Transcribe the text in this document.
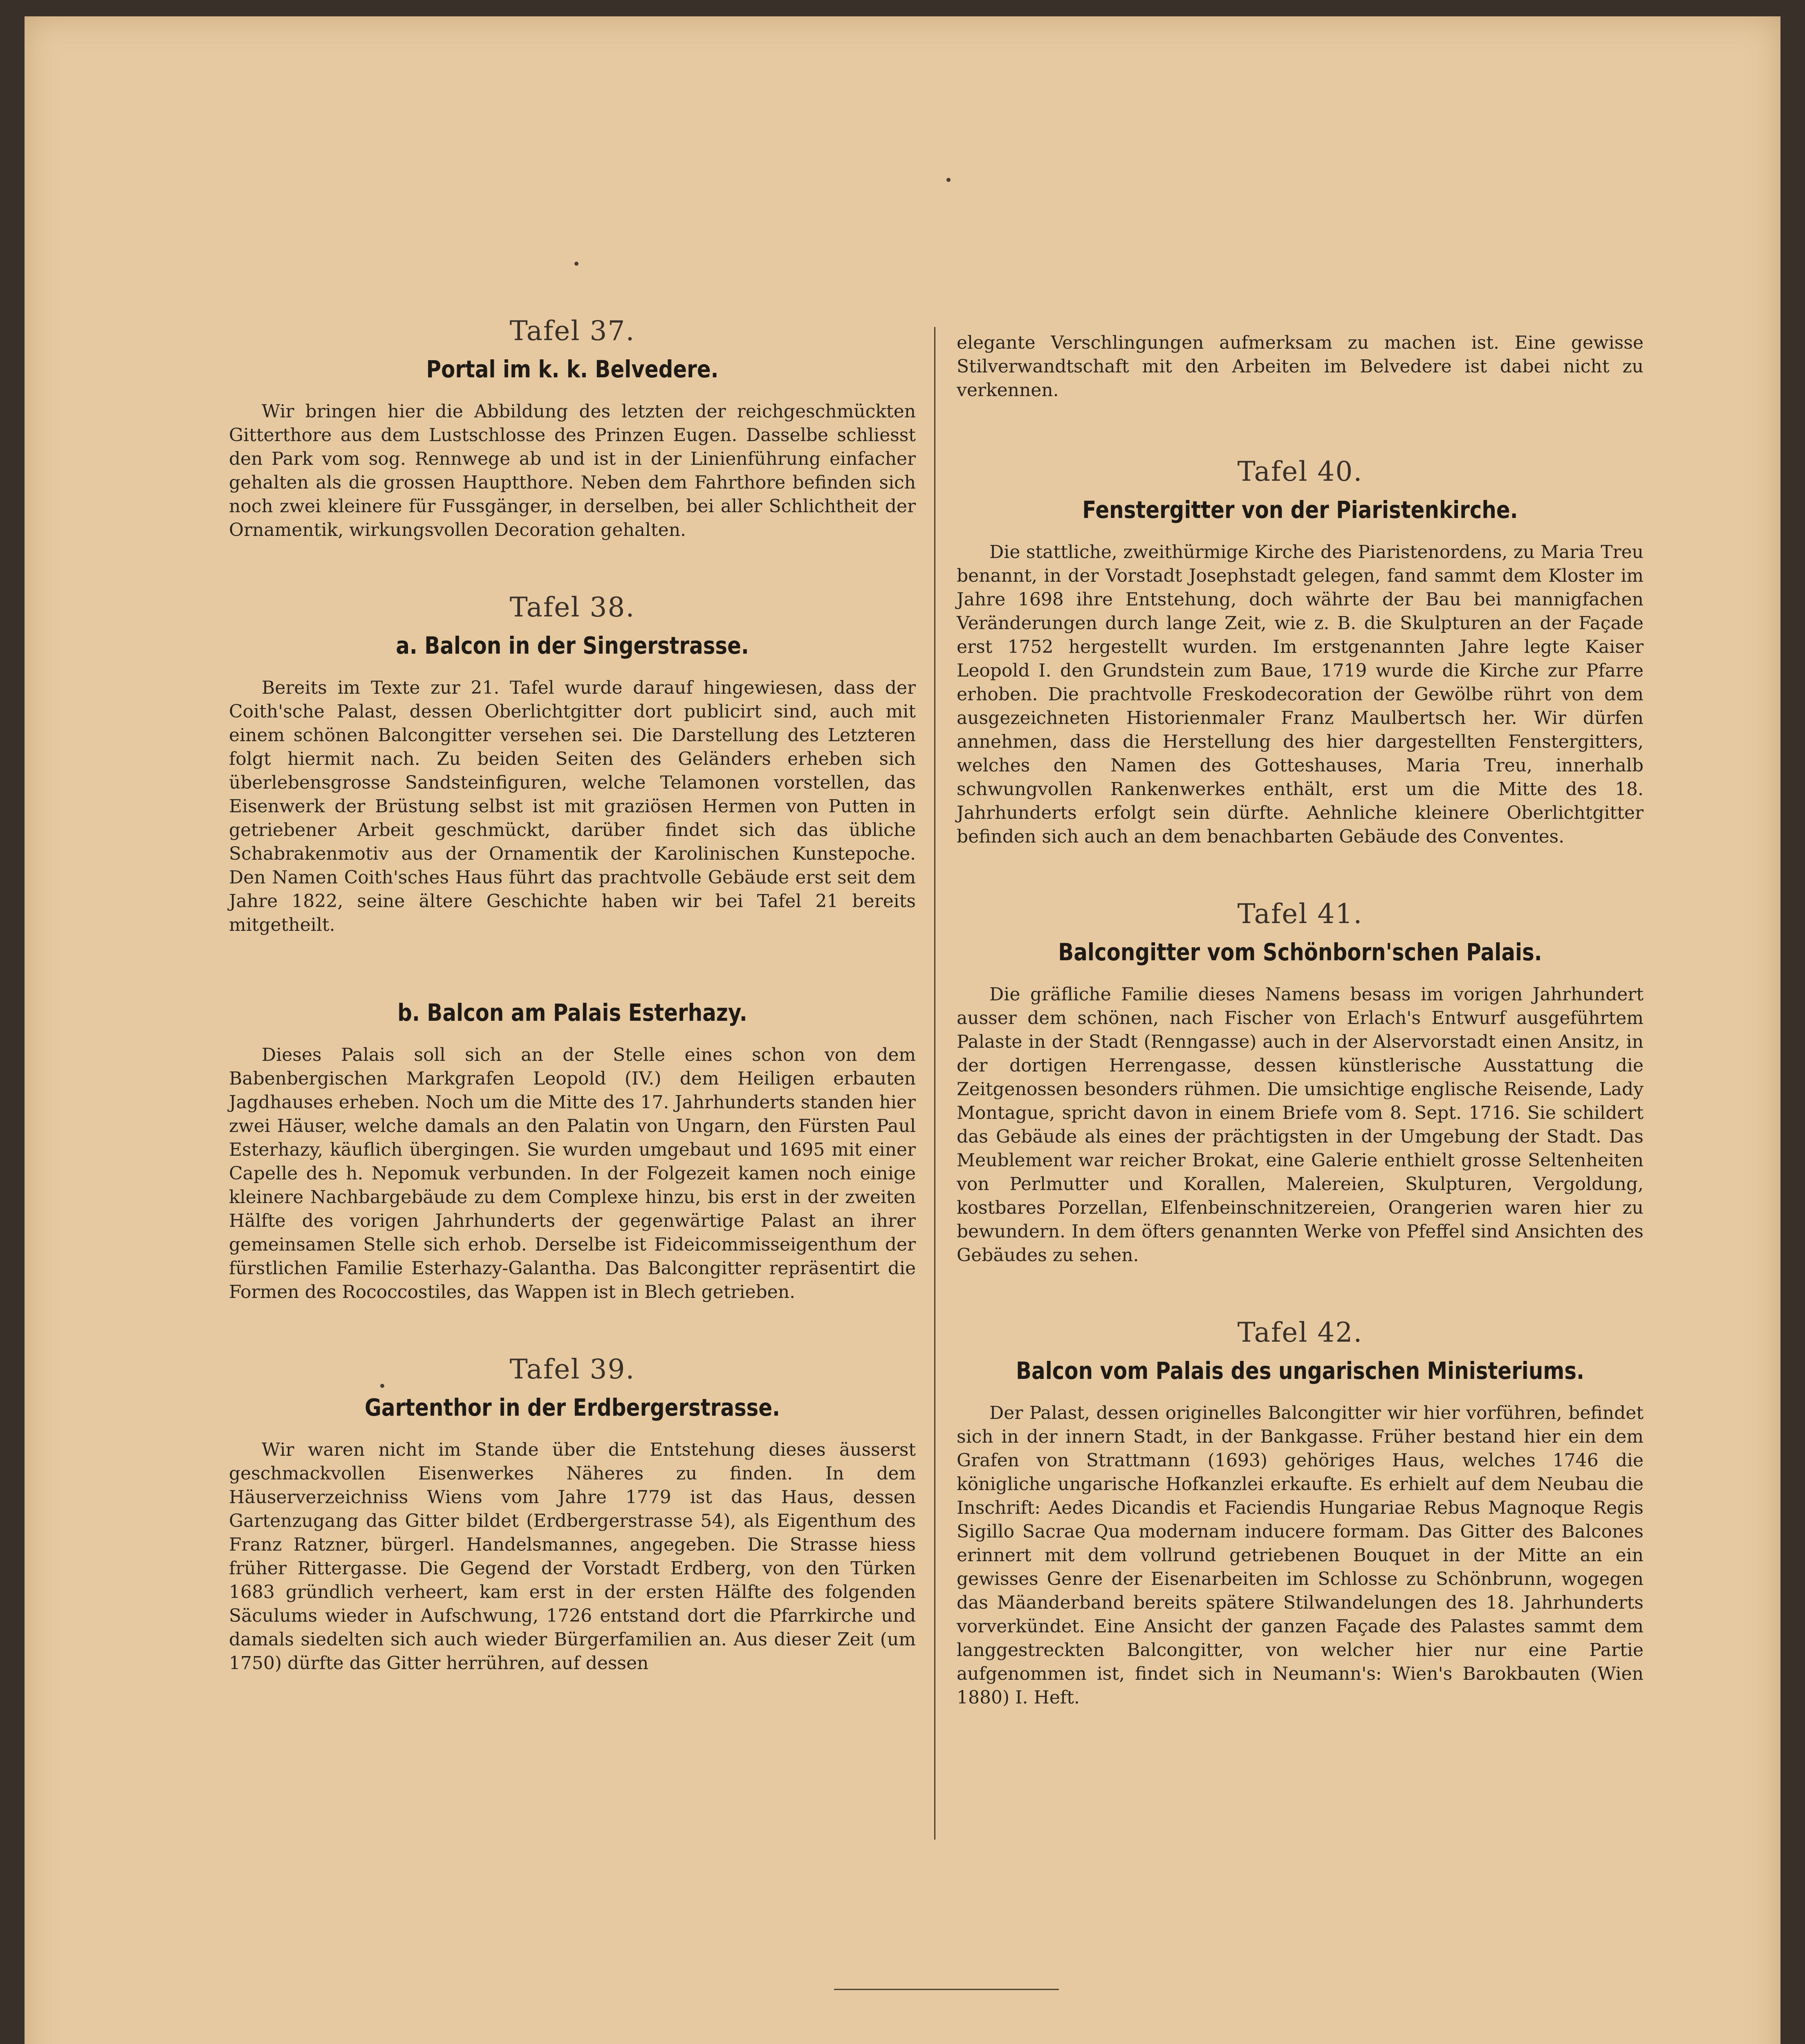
Tafel 37.
Portal im k. k. Belvedere.
Wir bringen hier die Abbildung des letzten der reichgeschmückten Gitterthore aus dem Lustschlosse des Prinzen Eugen. Dasselbe schliesst den Park vom sog. Rennwege ab und ist in der Linienführung einfacher gehalten als die grossen Hauptthore. Neben dem Fahrthore befinden sich noch zwei kleinere für Fussgänger, in derselben, bei aller Schlichtheit der Ornamentik, wirkungsvollen Decoration gehalten.
Tafel 38.
a. Balcon in der Singerstrasse.
Bereits im Texte zur 21. Tafel wurde darauf hingewiesen, dass der Coith'sche Palast, dessen Oberlichtgitter dort publicirt sind, auch mit einem schönen Balcongitter versehen sei. Die Darstellung des Letzteren folgt hiermit nach. Zu beiden Seiten des Geländers erheben sich überlebensgrosse Sandsteinfiguren, welche Telamonen vorstellen, das Eisenwerk der Brüstung selbst ist mit graziösen Hermen von Putten in getriebener Arbeit geschmückt, darüber findet sich das übliche Schabrakenmotiv aus der Ornamentik der Karolinischen Kunstepoche. Den Namen Coith'sches Haus führt das prachtvolle Gebäude erst seit dem Jahre 1822, seine ältere Geschichte haben wir bei Tafel 21 bereits mitgetheilt.
b. Balcon am Palais Esterhazy.
Dieses Palais soll sich an der Stelle eines schon von dem Babenbergischen Markgrafen Leopold (IV.) dem Heiligen erbauten Jagdhauses erheben. Noch um die Mitte des 17. Jahrhunderts standen hier zwei Häuser, welche damals an den Palatin von Ungarn, den Fürsten Paul Esterhazy, käuflich übergingen. Sie wurden umgebaut und 1695 mit einer Capelle des h. Nepomuk verbunden. In der Folgezeit kamen noch einige kleinere Nachbargebäude zu dem Complexe hinzu, bis erst in der zweiten Hälfte des vorigen Jahrhunderts der gegenwärtige Palast an ihrer gemeinsamen Stelle sich erhob. Derselbe ist Fideicommisseigenthum der fürstlichen Familie Esterhazy-Galantha. Das Balcongitter repräsentirt die Formen des Rococcostiles, das Wappen ist in Blech getrieben.
Tafel 39.
Gartenthor in der Erdbergerstrasse.
Wir waren nicht im Stande über die Entstehung dieses äusserst geschmackvollen Eisenwerkes Näheres zu finden. In dem Häuserverzeichniss Wiens vom Jahre 1779 ist das Haus, dessen Gartenzugang das Gitter bildet (Erdbergerstrasse 54), als Eigenthum des Franz Ratzner, bürgerl. Handelsmannes, angegeben. Die Strasse hiess früher Rittergasse. Die Gegend der Vorstadt Erdberg, von den Türken 1683 gründlich verheert, kam erst in der ersten Hälfte des folgenden Säculums wieder in Aufschwung, 1726 entstand dort die Pfarrkirche und damals siedelten sich auch wieder Bürgerfamilien an. Aus dieser Zeit (um 1750) dürfte das Gitter herrühren, auf dessen
elegante Verschlingungen aufmerksam zu machen ist. Eine gewisse Stilverwandtschaft mit den Arbeiten im Belvedere ist dabei nicht zu verkennen.
Tafel 40.
Fenstergitter von der Piaristenkirche.
Die stattliche, zweithürmige Kirche des Piaristenordens, zu Maria Treu benannt, in der Vorstadt Josephstadt gelegen, fand sammt dem Kloster im Jahre 1698 ihre Entstehung, doch währte der Bau bei mannigfachen Veränderungen durch lange Zeit, wie z. B. die Skulpturen an der Façade erst 1752 hergestellt wurden. Im erstgenannten Jahre legte Kaiser Leopold I. den Grundstein zum Baue, 1719 wurde die Kirche zur Pfarre erhoben. Die prachtvolle Freskodecoration der Gewölbe rührt von dem ausgezeichneten Historienmaler Franz Maulbertsch her. Wir dürfen annehmen, dass die Herstellung des hier dargestellten Fenstergitters, welches den Namen des Gotteshauses, Maria Treu, innerhalb schwungvollen Rankenwerkes enthält, erst um die Mitte des 18. Jahrhunderts erfolgt sein dürfte. Aehnliche kleinere Oberlichtgitter befinden sich auch an dem benachbarten Gebäude des Conventes.
Tafel 41.
Balcongitter vom Schönborn'schen Palais.
Die gräfliche Familie dieses Namens besass im vorigen Jahrhundert ausser dem schönen, nach Fischer von Erlach's Entwurf ausgeführtem Palaste in der Stadt (Renngasse) auch in der Alservorstadt einen Ansitz, in der dortigen Herrengasse, dessen künstlerische Ausstattung die Zeitgenossen besonders rühmen. Die umsichtige englische Reisende, Lady Montague, spricht davon in einem Briefe vom 8. Sept. 1716. Sie schildert das Gebäude als eines der prächtigsten in der Umgebung der Stadt. Das Meublement war reicher Brokat, eine Galerie enthielt grosse Seltenheiten von Perlmutter und Korallen, Malereien, Skulpturen, Vergoldung, kostbares Porzellan, Elfenbeinschnitzereien, Orangerien waren hier zu bewundern. In dem öfters genannten Werke von Pfeffel sind Ansichten des Gebäudes zu sehen.
Tafel 42.
Balcon vom Palais des ungarischen Ministeriums.
Der Palast, dessen originelles Balcongitter wir hier vorführen, befindet sich in der innern Stadt, in der Bankgasse. Früher bestand hier ein dem Grafen von Strattmann (1693) gehöriges Haus, welches 1746 die königliche ungarische Hofkanzlei erkaufte. Es erhielt auf dem Neubau die Inschrift: Aedes Dicandis et Faciendis Hungariae Rebus Magnoque Regis Sigillo Sacrae Qua modernam inducere formam. Das Gitter des Balcones erinnert mit dem vollrund getriebenen Bouquet in der Mitte an ein gewisses Genre der Eisenarbeiten im Schlosse zu Schönbrunn, wogegen das Mäanderband bereits spätere Stilwandelungen des 18. Jahrhunderts vorverkündet. Eine Ansicht der ganzen Façade des Palastes sammt dem langgestreckten Balcongitter, von welcher hier nur eine Partie aufgenommen ist, findet sich in Neumann's: Wien's Barokbauten (Wien 1880) I. Heft.
